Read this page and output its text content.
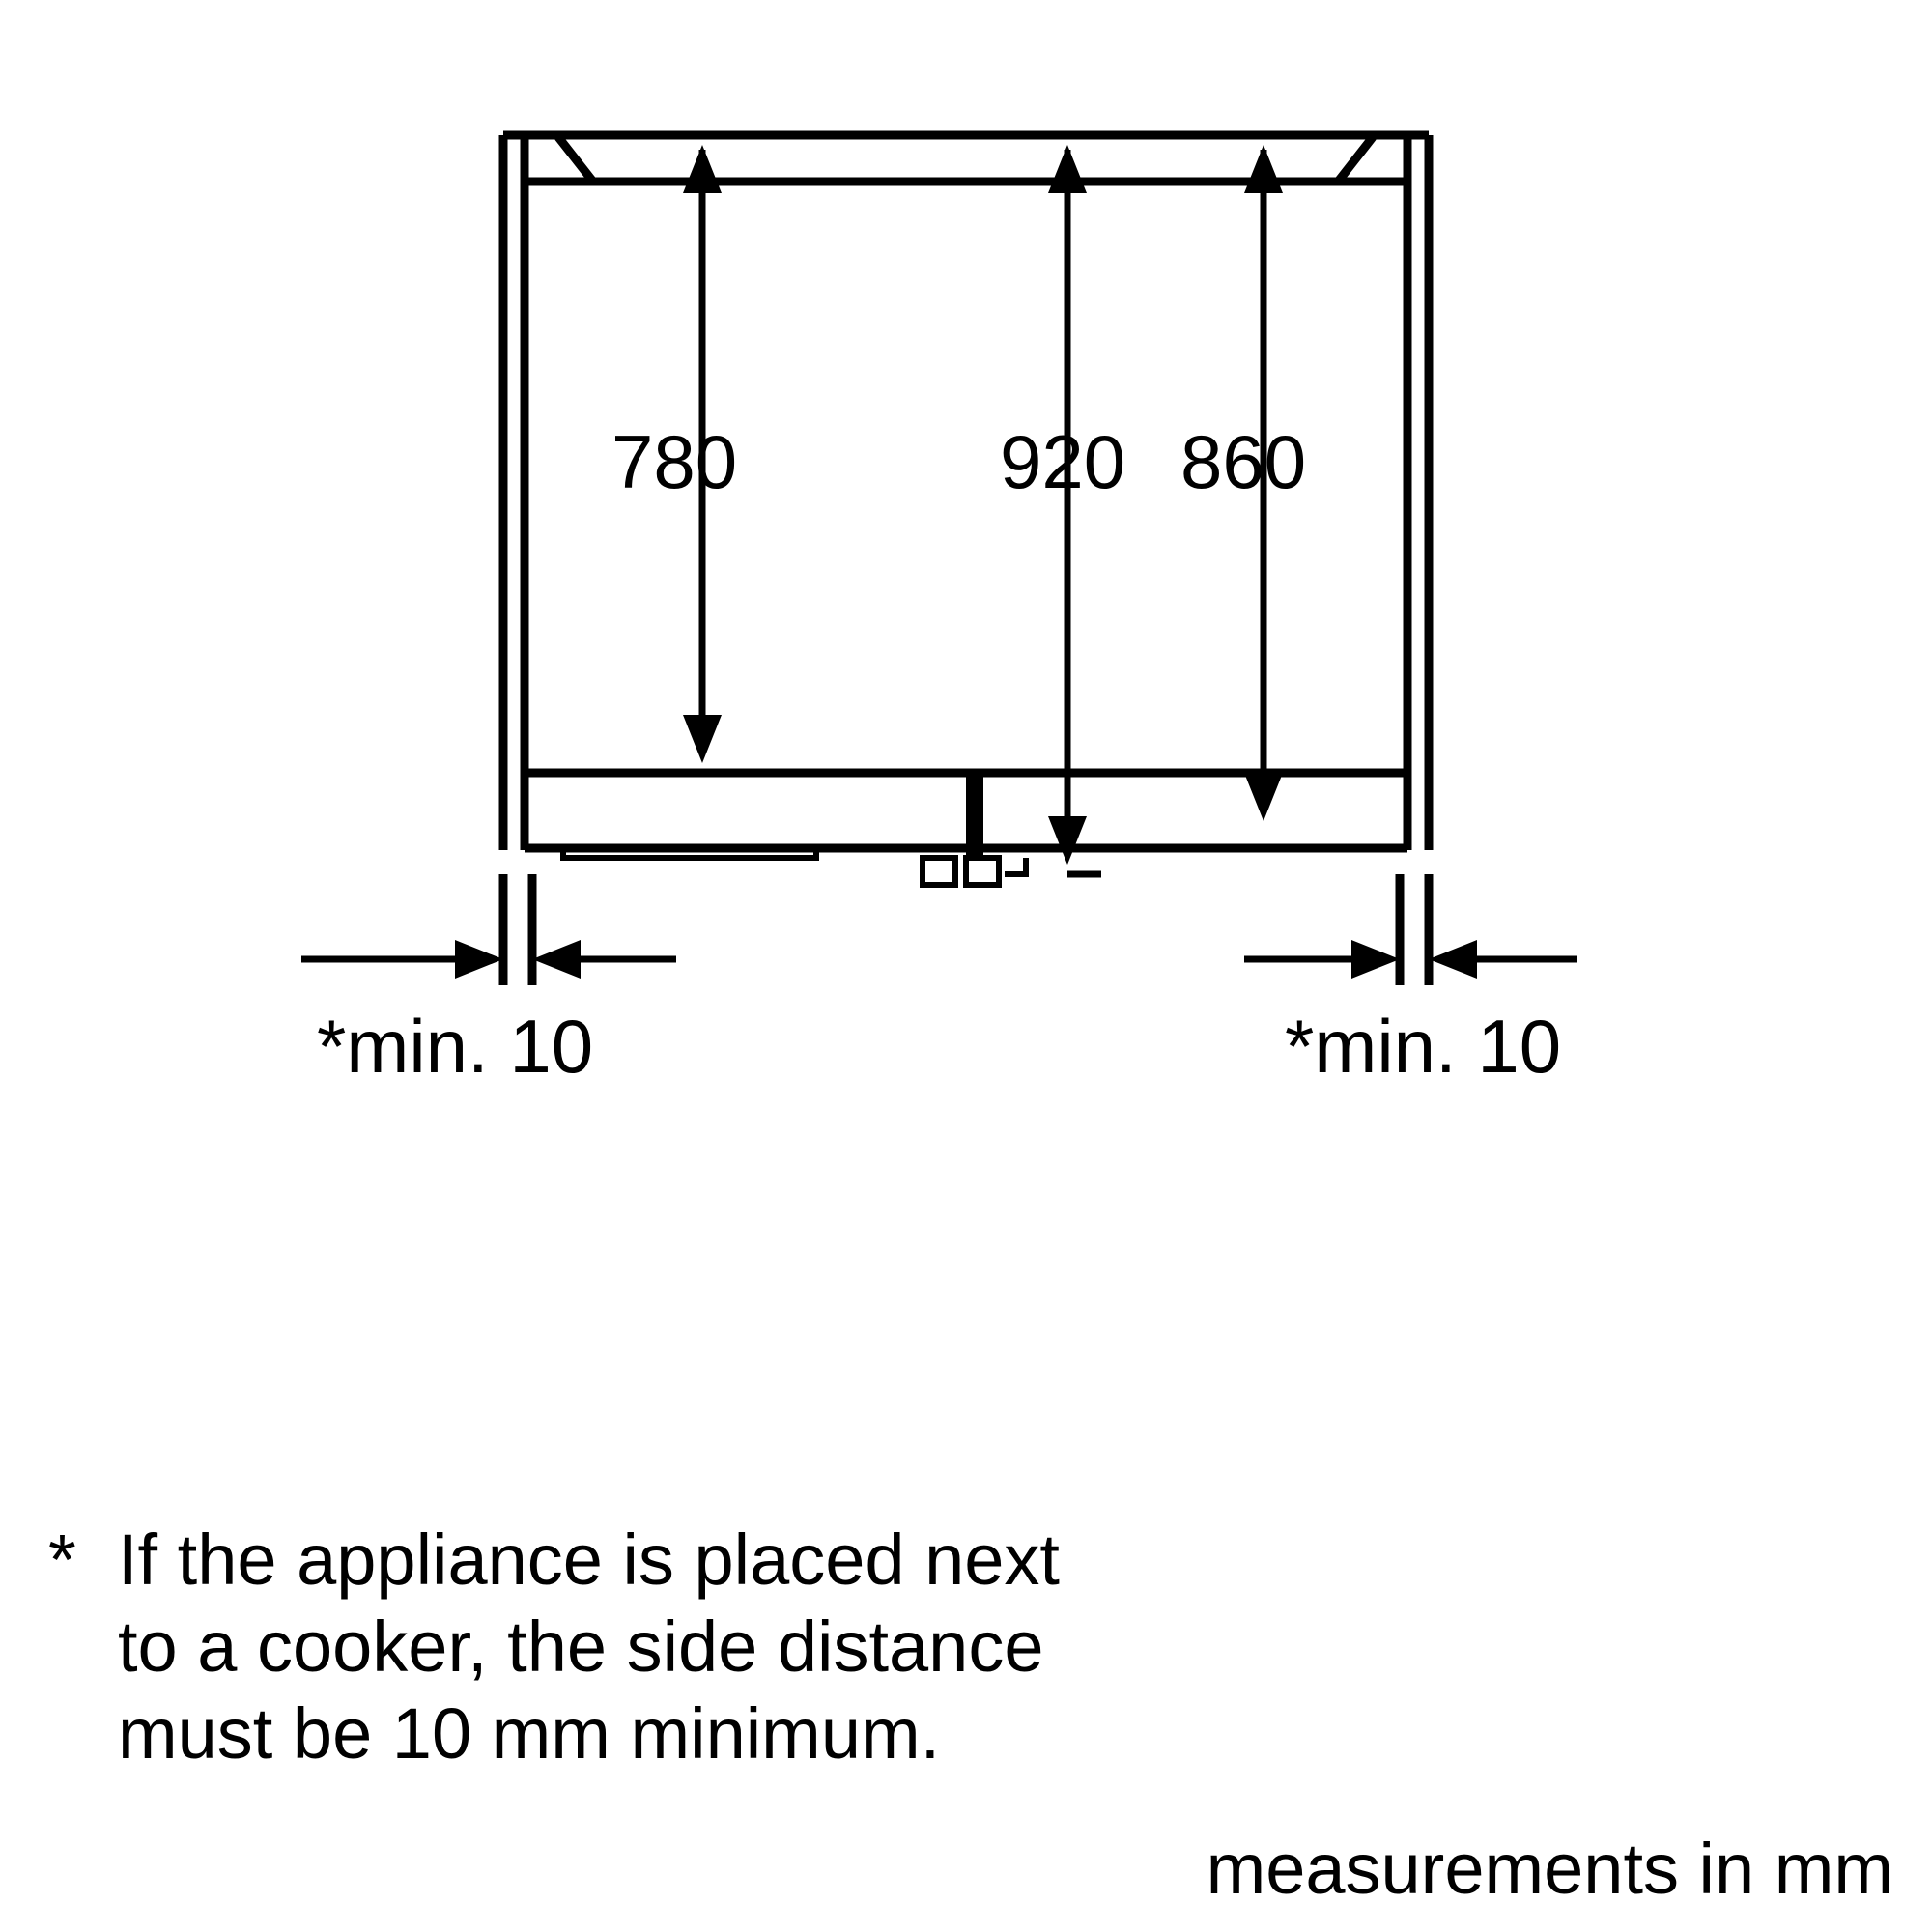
780	920 860
*min. 10	*min. 10
* If the appliance is placed next
to a cooker, the side distance
must be 10 mm minimum.
measurements in mm
